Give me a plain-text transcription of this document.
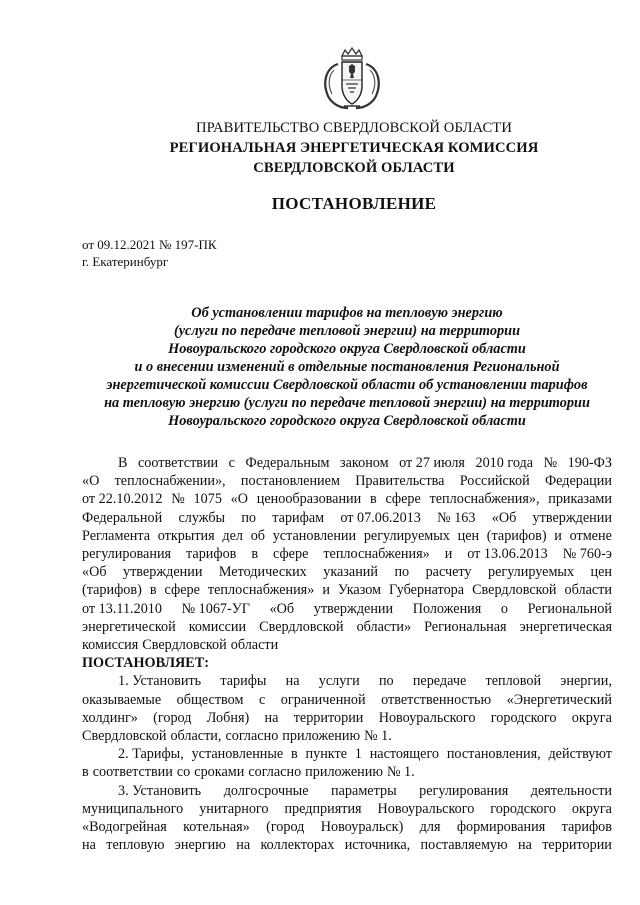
ПРАВИТЕЛЬСТВО СВЕРДЛОВСКОЙ ОБЛАСТИ
РЕГИОНАЛЬНАЯ ЭНЕРГЕТИЧЕСКАЯ КОМИССИЯ
СВЕРДЛОВСКОЙ ОБЛАСТИ
ПОСТАНОВЛЕНИЕ
от 09.12.2021 № 197-ПК
г. Екатеринбург
Об установлении тарифов на тепловую энергию
(услуги по передаче тепловой энергии) на территории
Новоуральского городского округа Свердловской области
и о внесении изменений в отдельные постановления Региональной
энергетической комиссии Свердловской области об установлении тарифов
на тепловую энергию (услуги по передаче тепловой энергии) на территории
Новоуральского городского округа Свердловской области
В соответствии с Федеральным законом от 27 июля 2010 года № 190-ФЗ
«О теплоснабжении», постановлением Правительства Российской Федерации
от 22.10.2012 № 1075 «О ценообразовании в сфере теплоснабжения», приказами
Федеральной службы по тарифам от 07.06.2013 № 163 «Об утверждении
Регламента открытия дел об установлении регулируемых цен (тарифов) и отмене
регулирования тарифов в сфере теплоснабжения» и от 13.06.2013 № 760-э
«Об утверждении Методических указаний по расчету регулируемых цен
(тарифов) в сфере теплоснабжения» и Указом Губернатора Свердловской области
от 13.11.2010 № 1067-УГ «Об утверждении Положения о Региональной
энергетической комиссии Свердловской области» Региональная энергетическая
комиссия Свердловской области
ПОСТАНОВЛЯЕТ:
1. Установить тарифы на услуги по передаче тепловой энергии,
оказываемые обществом с ограниченной ответственностью «Энергетический
холдинг» (город Лобня) на территории Новоуральского городского округа
Свердловской области, согласно приложению № 1.
2. Тарифы, установленные в пункте 1 настоящего постановления, действуют
в соответствии со сроками согласно приложению № 1.
3. Установить долгосрочные параметры регулирования деятельности
муниципального унитарного предприятия Новоуральского городского округа
«Водогрейная котельная» (город Новоуральск) для формирования тарифов
на тепловую энергию на коллекторах источника, поставляемую на территории
